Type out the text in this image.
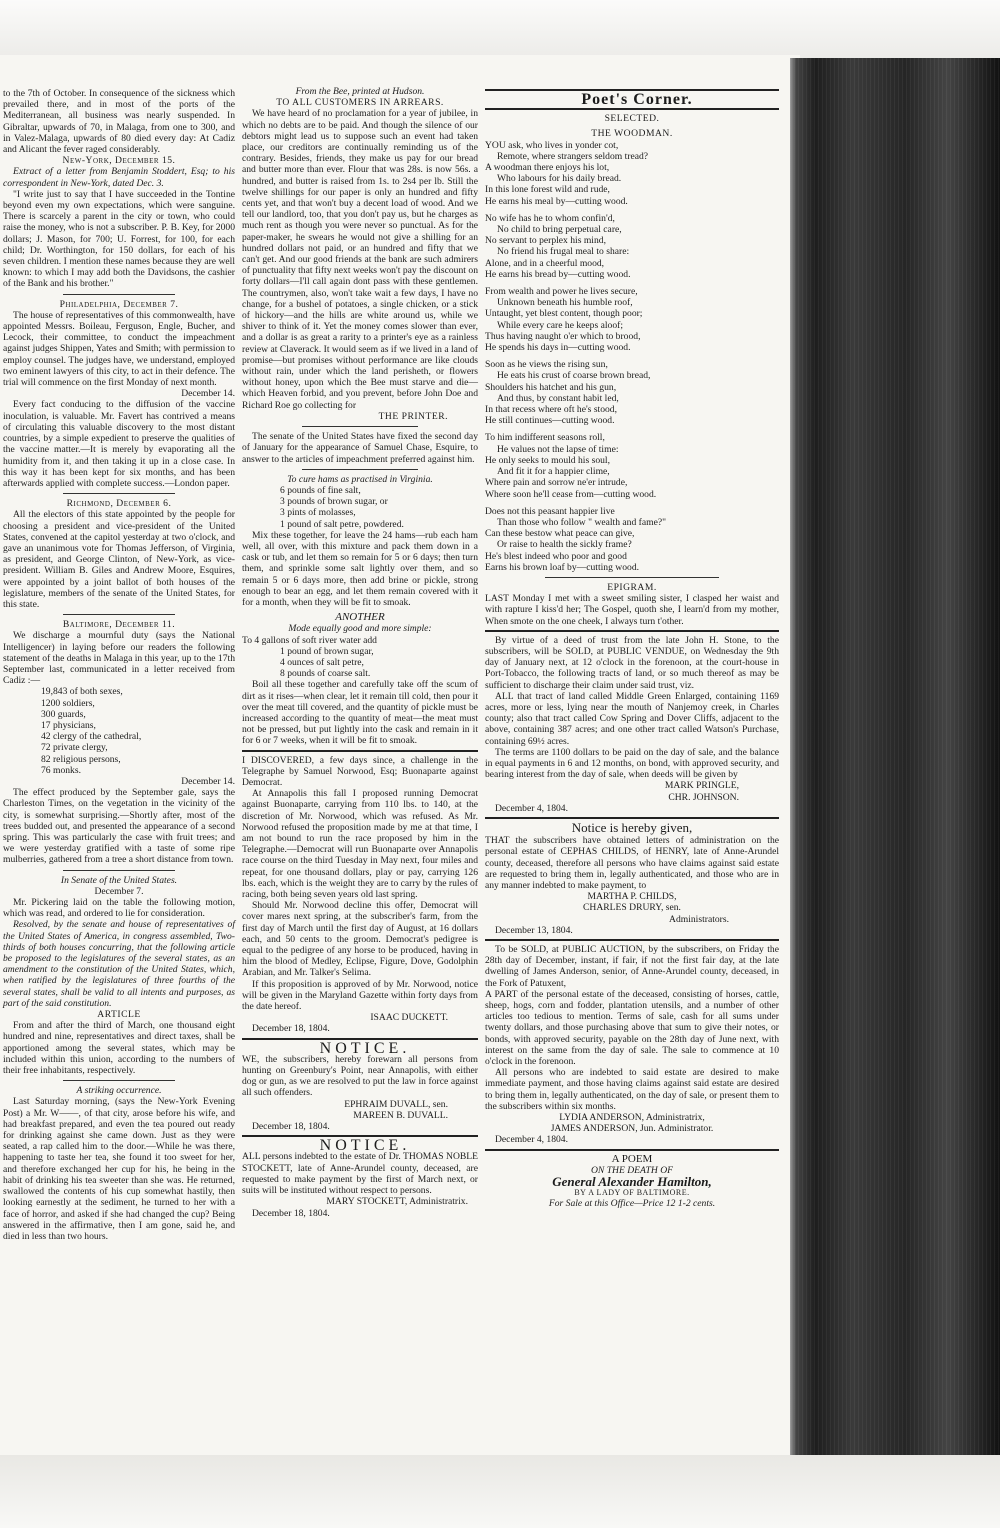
to the 7th of October. In consequence of the sickness which prevailed there, and in most of the ports of the Mediterranean, all business was nearly suspended. In Gibraltar, upwards of 70, in Malaga, from one to 300, and in Valez-Malaga, upwards of 80 died every day: At Cadiz and Alicant the fever raged considerably.

New-York, December 15.

Extract of a letter from Benjamin Stoddert, Esq; to his correspondent in New-York, dated Dec. 3.

"I write just to say that I have succeeded in the Tontine beyond even my own expectations, which were sanguine. There is scarcely a parent in the city or town, who could raise the money, who is not a subscriber. P. B. Key, for 2000 dollars; J. Mason, for 700; U. Forrest, for 100, for each child; Dr. Worthington, for 150 dollars, for each of his seven children. I mention these names because they are well known: to which I may add both the Davidsons, the cashier of the Bank and his brother."

Philadelphia, December 7.

The house of representatives of this commonwealth, have appointed Messrs. Boileau, Ferguson, Engle, Bucher, and Lecock, their committee, to conduct the impeachment against judges Shippen, Yates and Smith; with permission to employ counsel. The judges have, we understand, employed two eminent lawyers of this city, to act in their defence. The trial will commence on the first Monday of next month.

December 14.

Every fact conducing to the diffusion of the vaccine inoculation, is valuable. Mr. Favert has contrived a means of circulating this valuable discovery to the most distant countries, by a simple expedient to preserve the qualities of the vaccine matter.—It is merely by evaporating all the humidity from it, and then taking it up in a close case. In this way it has been kept for six months, and has been afterwards applied with complete success.—London paper.

Richmond, December 6.

All the electors of this state appointed by the people for choosing a president and vice-president of the United States, convened at the capitol yesterday at two o'clock, and gave an unanimous vote for Thomas Jefferson, of Virginia, as president, and George Clinton, of New-York, as vice-president. William B. Giles and Andrew Moore, Esquires, were appointed by a joint ballot of both houses of the legislature, members of the senate of the United States, for this state.

Baltimore, December 11.

We discharge a mournful duty (says the National Intelligencer) in laying before our readers the following statement of the deaths in Malaga in this year, up to the 17th September last, communicated in a letter received from Cadiz :—

19,843 of both sexes,

1200 soldiers,

300 guards,

17 physicians,

42 clergy of the cathedral,

72 private clergy,

82 religious persons,

76 monks.

December 14.

The effect produced by the September gale, says the Charleston Times, on the vegetation in the vicinity of the city, is somewhat surprising.—Shortly after, most of the trees budded out, and presented the appearance of a second spring. This was particularly the case with fruit trees; and we were yesterday gratified with a taste of some ripe mulberries, gathered from a tree a short distance from town.

In Senate of the United States.

December 7.

Mr. Pickering laid on the table the following motion, which was read, and ordered to lie for consideration.

Resolved, by the senate and house of representatives of the United States of America, in congress assembled, Two-thirds of both houses concurring, that the following article be proposed to the legislatures of the several states, as an amendment to the constitution of the United States, which, when ratified by the legislatures of three fourths of the several states, shall be valid to all intents and purposes, as part of the said constitution.

ARTICLE

From and after the third of March, one thousand eight hundred and nine, representatives and direct taxes, shall be apportioned among the several states, which may be included within this union, according to the numbers of their free inhabitants, respectively.

A striking occurrence.

Last Saturday morning, (says the New-York Evening Post) a Mr. W——, of that city, arose before his wife, and had breakfast prepared, and even the tea poured out ready for drinking against she came down. Just as they were seated, a rap called him to the door.—While he was there, happening to taste her tea, she found it too sweet for her, and therefore exchanged her cup for his, he being in the habit of drinking his tea sweeter than she was. He returned, swallowed the contents of his cup somewhat hastily, then looking earnestly at the sediment, he turned to her with a face of horror, and asked if she had changed the cup? Being answered in the affirmative, then I am gone, said he, and died in less than two hours.

From the Bee, printed at Hudson.

TO ALL CUSTOMERS IN ARREARS.

We have heard of no proclamation for a year of jubilee, in which no debts are to be paid. And though the silence of our debtors might lead us to suppose such an event had taken place, our creditors are continually reminding us of the contrary. Besides, friends, they make us pay for our bread and butter more than ever. Flour that was 28s. is now 56s. a hundred, and butter is raised from 1s. to 2s4 per lb. Still the twelve shillings for our paper is only an hundred and fifty cents yet, and that won't buy a decent load of wood. And we tell our landlord, too, that you don't pay us, but he charges as much rent as though you were never so punctual. As for the paper-maker, he swears he would not give a shilling for an hundred dollars not paid, or an hundred and fifty that we can't get. And our good friends at the bank are such admirers of punctuality that fifty next weeks won't pay the discount on forty dollars—I'll call again dont pass with these gentlemen. The countrymen, also, won't take wait a few days, I have no change, for a bushel of potatoes, a single chicken, or a stick of hickory—and the hills are white around us, while we shiver to think of it. Yet the money comes slower than ever, and a dollar is as great a rarity to a printer's eye as a rainless review at Claverack. It would seem as if we lived in a land of promise—but promises without performance are like clouds without rain, under which the land perisheth, or flowers without honey, upon which the Bee must starve and die—which Heaven forbid, and you prevent, before John Doe and Richard Roe go collecting for

THE PRINTER.

The senate of the United States have fixed the second day of January for the appearance of Samuel Chase, Esquire, to answer to the articles of impeachment preferred against him.

To cure hams as practised in Virginia.

6 pounds of fine salt,

3 pounds of brown sugar, or

3 pints of molasses,

1 pound of salt petre, powdered.

Mix these together, for leave the 24 hams—rub each ham well, all over, with this mixture and pack them down in a cask or tub, and let them so remain for 5 or 6 days; then turn them, and sprinkle some salt lightly over them, and so remain 5 or 6 days more, then add brine or pickle, strong enough to bear an egg, and let them remain covered with it for a month, when they will be fit to smoak.

ANOTHER

Mode equally good and more simple:

To 4 gallons of soft river water add

1 pound of brown sugar,

4 ounces of salt petre,

8 pounds of coarse salt.

Boil all these together and carefully take off the scum of dirt as it rises—when clear, let it remain till cold, then pour it over the meat till covered, and the quantity of pickle must be increased according to the quantity of meat—the meat must not be pressed, but put lightly into the cask and remain in it for 6 or 7 weeks, when it will be fit to smoak.

I DISCOVERED, a few days since, a challenge in the Telegraphe by Samuel Norwood, Esq; Buonaparte against Democrat.

At Annapolis this fall I proposed running Democrat against Buonaparte, carrying from 110 lbs. to 140, at the discretion of Mr. Norwood, which was refused. As Mr. Norwood refused the proposition made by me at that time, I am not bound to run the race proposed by him in the Telegraphe.—Democrat will run Buonaparte over Annapolis race course on the third Tuesday in May next, four miles and repeat, for one thousand dollars, play or pay, carrying 126 lbs. each, which is the weight they are to carry by the rules of racing, both being seven years old last spring.

Should Mr. Norwood decline this offer, Democrat will cover mares next spring, at the subscriber's farm, from the first day of March until the first day of August, at 16 dollars each, and 50 cents to the groom. Democrat's pedigree is equal to the pedigree of any horse to be produced, having in him the blood of Medley, Eclipse, Figure, Dove, Godolphin Arabian, and Mr. Talker's Selima.

If this proposition is approved of by Mr. Norwood, notice will be given in the Maryland Gazette within forty days from the date hereof.

ISAAC DUCKETT.

December 18, 1804.

NOTICE.

WE, the subscribers, hereby forewarn all persons from hunting on Greenbury's Point, near Annapolis, with either dog or gun, as we are resolved to put the law in force against all such offenders.

EPHRAIM DUVALL, sen.

MAREEN B. DUVALL.

December 18, 1804.

NOTICE.

ALL persons indebted to the estate of Dr. THOMAS NOBLE STOCKETT, late of Anne-Arundel county, deceased, are requested to make payment by the first of March next, or suits will be instituted without respect to persons.

MARY STOCKETT, Administratrix.

December 18, 1804.

Poet's Corner.

SELECTED.

THE WOODMAN.

YOU ask, who lives in yonder cot,

Remote, where strangers seldom tread?

A woodman there enjoys his lot,

Who labours for his daily bread.

In this lone forest wild and rude,

He earns his meal by—cutting wood.

No wife has he to whom confin'd,

No child to bring perpetual care,

No servant to perplex his mind,

No friend his frugal meal to share:

Alone, and in a cheerful mood,

He earns his bread by—cutting wood.

From wealth and power he lives secure,

Unknown beneath his humble roof,

Untaught, yet blest content, though poor;

While every care he keeps aloof;

Thus having naught o'er which to brood,

He spends his days in—cutting wood.

Soon as he views the rising sun,

He eats his crust of coarse brown bread,

Shoulders his hatchet and his gun,

And thus, by constant habit led,

In that recess where oft he's stood,

He still continues—cutting wood.

To him indifferent seasons roll,

He values not the lapse of time:

He only seeks to mould his soul,

And fit it for a happier clime,

Where pain and sorrow ne'er intrude,

Where soon he'll cease from—cutting wood.

Does not this peasant happier live

Than those who follow " wealth and fame?"

Can these bestow what peace can give,

Or raise to health the sickly frame?

He's blest indeed who poor and good

Earns his brown loaf by—cutting wood.

EPIGRAM.

LAST Monday I met with a sweet smiling sister, I clasped her waist and with rapture I kiss'd her; The Gospel, quoth she, I learn'd from my mother, When smote on the one cheek, I always turn t'other.

By virtue of a deed of trust from the late John H. Stone, to the subscribers, will be SOLD, at PUBLIC VENDUE, on Wednesday the 9th day of January next, at 12 o'clock in the forenoon, at the court-house in Port-Tobacco, the following tracts of land, or so much thereof as may be sufficient to discharge their claim under said trust, viz.

ALL that tract of land called Middle Green Enlarged, containing 1169 acres, more or less, lying near the mouth of Nanjemoy creek, in Charles county; also that tract called Cow Spring and Dover Cliffs, adjacent to the above, containing 387 acres; and one other tract called Watson's Purchase, containing 69½ acres.

The terms are 1100 dollars to be paid on the day of sale, and the balance in equal payments in 6 and 12 months, on bond, with approved security, and bearing interest from the day of sale, when deeds will be given by

MARK PRINGLE,

CHR. JOHNSON.

December 4, 1804.

Notice is hereby given,

THAT the subscribers have obtained letters of administration on the personal estate of CEPHAS CHILDS, of HENRY, late of Anne-Arundel county, deceased, therefore all persons who have claims against said estate are requested to bring them in, legally authenticated, and those who are in any manner indebted to make payment, to

MARTHA P. CHILDS,

CHARLES DRURY, sen.

Administrators.

December 13, 1804.

To be SOLD, at PUBLIC AUCTION, by the subscribers, on Friday the 28th day of December, instant, if fair, if not the first fair day, at the late dwelling of James Anderson, senior, of Anne-Arundel county, deceased, in the Fork of Patuxent,

A PART of the personal estate of the deceased, consisting of horses, cattle, sheep, hogs, corn and fodder, plantation utensils, and a number of other articles too tedious to mention. Terms of sale, cash for all sums under twenty dollars, and those purchasing above that sum to give their notes, or bonds, with approved security, payable on the 28th day of June next, with interest on the same from the day of sale. The sale to commence at 10 o'clock in the forenoon.

All persons who are indebted to said estate are desired to make immediate payment, and those having claims against said estate are desired to bring them in, legally authenticated, on the day of sale, or present them to the subscribers within six months.

LYDIA ANDERSON, Administratrix,

JAMES ANDERSON, Jun. Administrator.

December 4, 1804.

A POEM

ON THE DEATH OF

General Alexander Hamilton,

BY A LADY OF BALTIMORE.

For Sale at this Office—Price 12 1-2 cents.
